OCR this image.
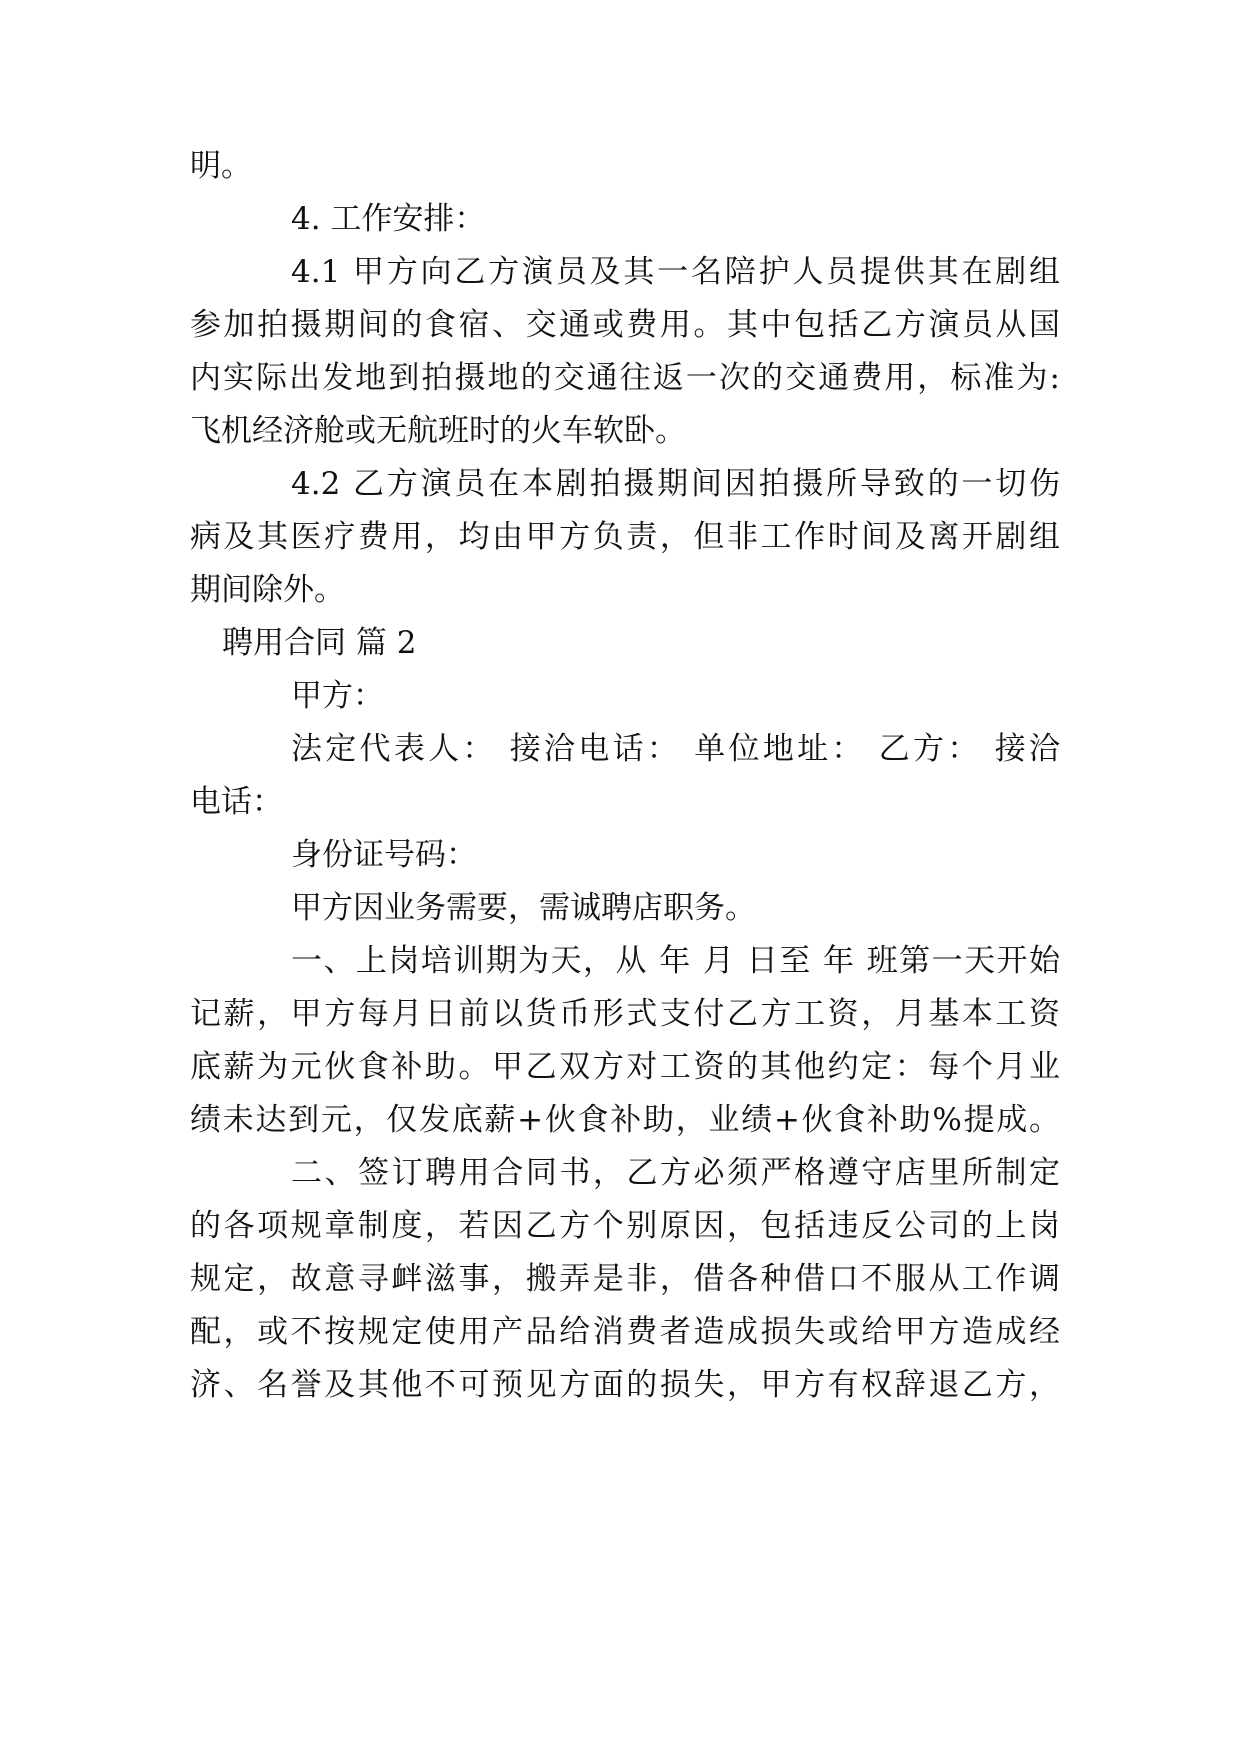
明。
4. 工作安排：
4.1 甲方向乙方演员及其一名陪护人员提供其在剧组
参加拍摄期间的食宿、交通或费用。其中包括乙方演员从国
内实际出发地到拍摄地的交通往返一次的交通费用，标准为:
飞机经济舱或无航班时的火车软卧。
4.2 乙方演员在本剧拍摄期间因拍摄所导致的一切伤
病及其医疗费用，均由甲方负责，但非工作时间及离开剧组
期间除外。
聘用合同 篇 2
甲方：
法定代表人： 接洽电话： 单位地址： 乙方： 接洽
电话：
身份证号码：
甲方因业务需要，需诚聘店职务。
一、上岗培训期为天，从 年 月 日至 年 班第一天开始
记薪，甲方每月日前以货币形式支付乙方工资，月基本工资
底薪为元伙食补助。甲乙双方对工资的其他约定：每个月业
绩未达到元，仅发底薪+伙食补助，业绩+伙食补助%提成。
二、签订聘用合同书，乙方必须严格遵守店里所制定
的各项规章制度，若因乙方个别原因，包括违反公司的上岗
规定，故意寻衅滋事，搬弄是非，借各种借口不服从工作调
配，或不按规定使用产品给消费者造成损失或给甲方造成经
济、名誉及其他不可预见方面的损失，甲方有权辞退乙方，
